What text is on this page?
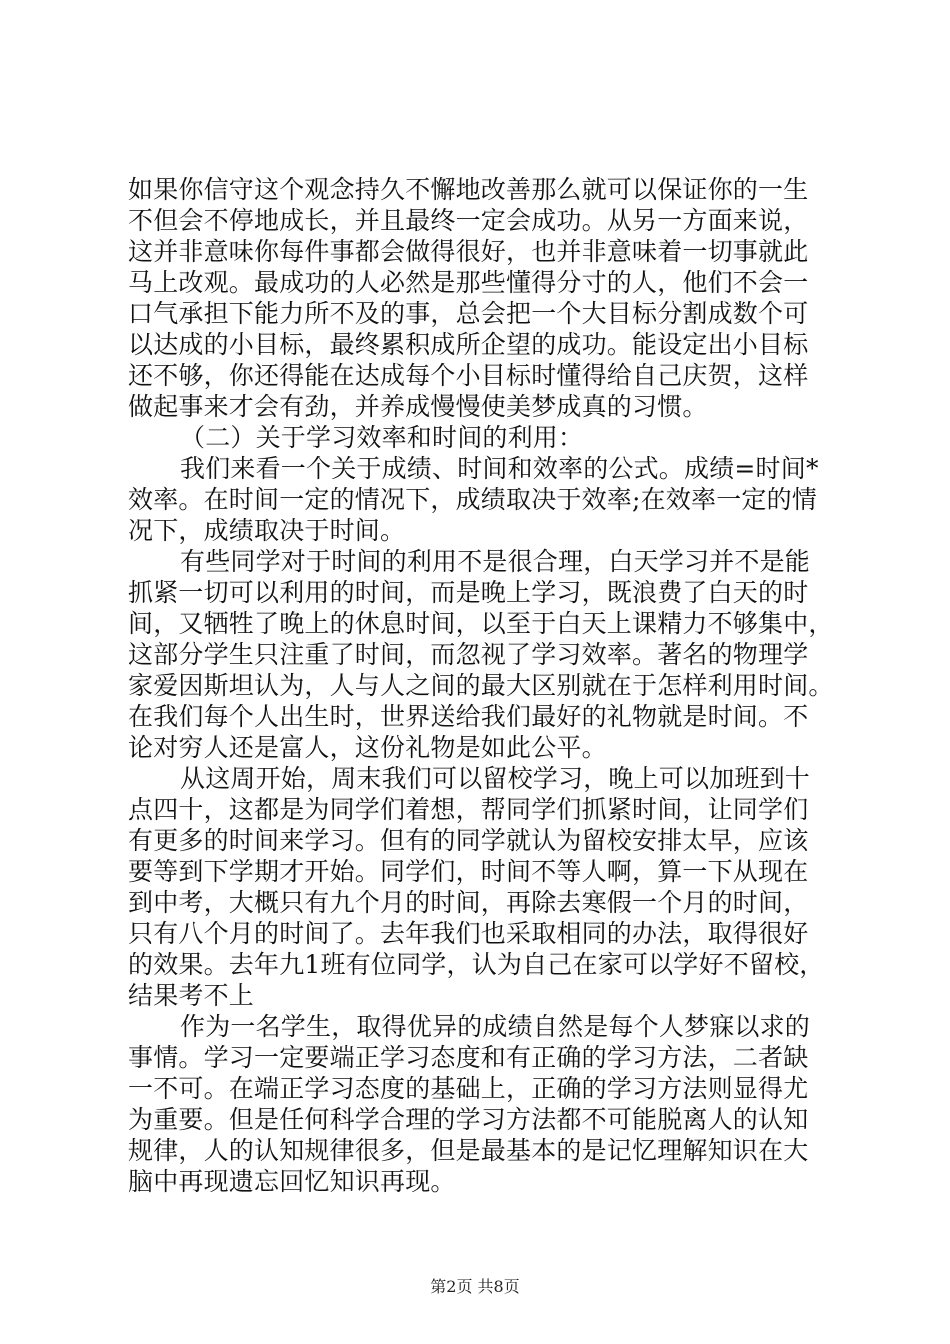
如果你信守这个观念持久不懈地改善那么就可以保证你的一生
不但会不停地成长，并且最终一定会成功。从另一方面来说，
这并非意味你每件事都会做得很好，也并非意味着一切事就此
马上改观。最成功的人必然是那些懂得分寸的人，他们不会一
口气承担下能力所不及的事，总会把一个大目标分割成数个可
以达成的小目标，最终累积成所企望的成功。能设定出小目标
还不够，你还得能在达成每个小目标时懂得给自己庆贺，这样
做起事来才会有劲，并养成慢慢使美梦成真的习惯。
（二）关于学习效率和时间的利用：
我们来看一个关于成绩、时间和效率的公式。成绩=时间*
效率。在时间一定的情况下，成绩取决于效率;在效率一定的情
况下，成绩取决于时间。
有些同学对于时间的利用不是很合理，白天学习并不是能
抓紧一切可以利用的时间，而是晚上学习，既浪费了白天的时
间，又牺牲了晚上的休息时间，以至于白天上课精力不够集中，
这部分学生只注重了时间，而忽视了学习效率。著名的物理学
家爱因斯坦认为，人与人之间的最大区别就在于怎样利用时间。
在我们每个人出生时，世界送给我们最好的礼物就是时间。不
论对穷人还是富人，这份礼物是如此公平。
从这周开始，周末我们可以留校学习，晚上可以加班到十
点四十，这都是为同学们着想，帮同学们抓紧时间，让同学们
有更多的时间来学习。但有的同学就认为留校安排太早，应该
要等到下学期才开始。同学们，时间不等人啊，算一下从现在
到中考，大概只有九个月的时间，再除去寒假一个月的时间，
只有八个月的时间了。去年我们也采取相同的办法，取得很好
的效果。去年九1班有位同学，认为自己在家可以学好不留校，
结果考不上
作为一名学生，取得优异的成绩自然是每个人梦寐以求的
事情。学习一定要端正学习态度和有正确的学习方法，二者缺
一不可。在端正学习态度的基础上，正确的学习方法则显得尤
为重要。但是任何科学合理的学习方法都不可能脱离人的认知
规律，人的认知规律很多，但是最基本的是记忆理解知识在大
脑中再现遗忘回忆知识再现。
第2页 共8页
